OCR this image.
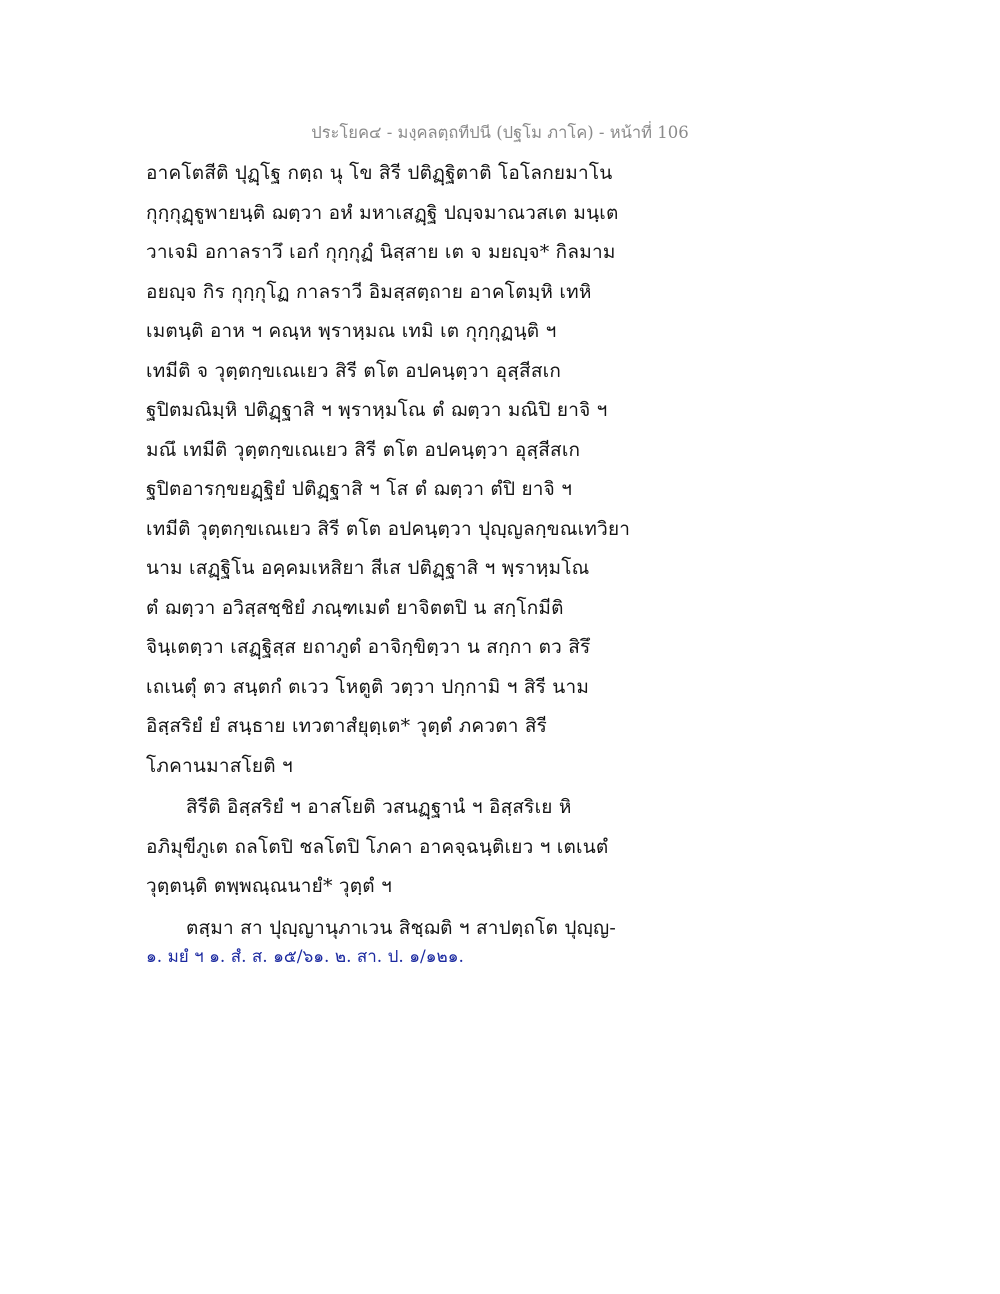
ประโยค๔ - มงฺคลตฺถทีปนี (ปฐโม ภาโค) - หน้าที่ 106
อาคโตสีติ ปุฏฺโฐ กตฺถ นุ โข สิรี ปติฏฺฐิตาติ โอโลกยมาโน
กุกฺกุฏฺฐูพายนฺติ ฌตฺวา อหํ มหาเสฏฺฐิ ปญฺจมาณวสเต มนฺเต
วาเจมิ อกาลราวึ เอกํ กุกฺกุฏํ นิสฺสาย เต จ มยญฺจ* กิลมาม
อยญฺจ กิร กุกฺกุโฏ กาลราวี อิมสฺสตฺถาย อาคโตมฺหิ เทหิ
เมตนฺติ อาห ฯ คณฺห พฺราหฺมณ เทมิ เต กุกฺกุฏนฺติ ฯ
เทมีติ จ วุตฺตกฺขเณเยว สิรี ตโต อปคนฺตฺวา อุสฺสีสเก
ฐปิตมณิมฺหิ ปติฏฺฐาสิ ฯ พฺราหฺมโณ ตํ ฌตฺวา มณิปิ ยาจิ ฯ
มณึ เทมีติ วุตฺตกฺขเณเยว สิรี ตโต อปคนฺตฺวา อุสฺสีสเก
ฐปิตอารกฺขยฏฺฐิยํ ปติฏฺฐาสิ ฯ โส ตํ ฌตฺวา ตํปิ ยาจิ ฯ
เทมีติ วุตฺตกฺขเณเยว สิรี ตโต อปคนฺตฺวา ปุญฺญลกฺขณเทวิยา
นาม เสฏฺฐิโน อคฺคมเหสิยา สีเส ปติฏฺฐาสิ ฯ พฺราหฺมโณ
ตํ ฌตฺวา อวิสฺสชฺชิยํ ภณฺฑเมตํ ยาจิตตปิ น สกฺโกมีติ
จินฺเตตฺวา เสฏฺฐิสฺส ยถาภูตํ อาจิกฺขิตฺวา น สกฺกา ตว สิรึ
เถเนตุํ ตว สนฺตกํ ตเวว โหตูติ วตฺวา ปกฺกามิ ฯ สิรี นาม
อิสฺสริยํ ยํ สนฺธาย เทวตาสํยุตฺเต* วุตฺตํ ภควตา สิรี
โภคานมาสโยติ ฯ
สิรีติ อิสฺสริยํ ฯ อาสโยติ วสนฏฺฐานํ ฯ อิสฺสริเย หิ
อภิมุขีภูเต ถลโตปิ ชลโตปิ โภคา อาคจฺฉนฺติเยว ฯ เตเนตํ
วุตฺตนฺติ ตพฺพณฺณนายํ* วุตฺตํ ฯ
ตสฺมา สา ปุญฺญานุภาเวน สิชฺฌติ ฯ สาปตฺถโต ปุญฺญ-
๑. มยํ ฯ ๑. สํ. ส. ๑๕/๖๑. ๒. สา. ป. ๑/๑๒๑.
